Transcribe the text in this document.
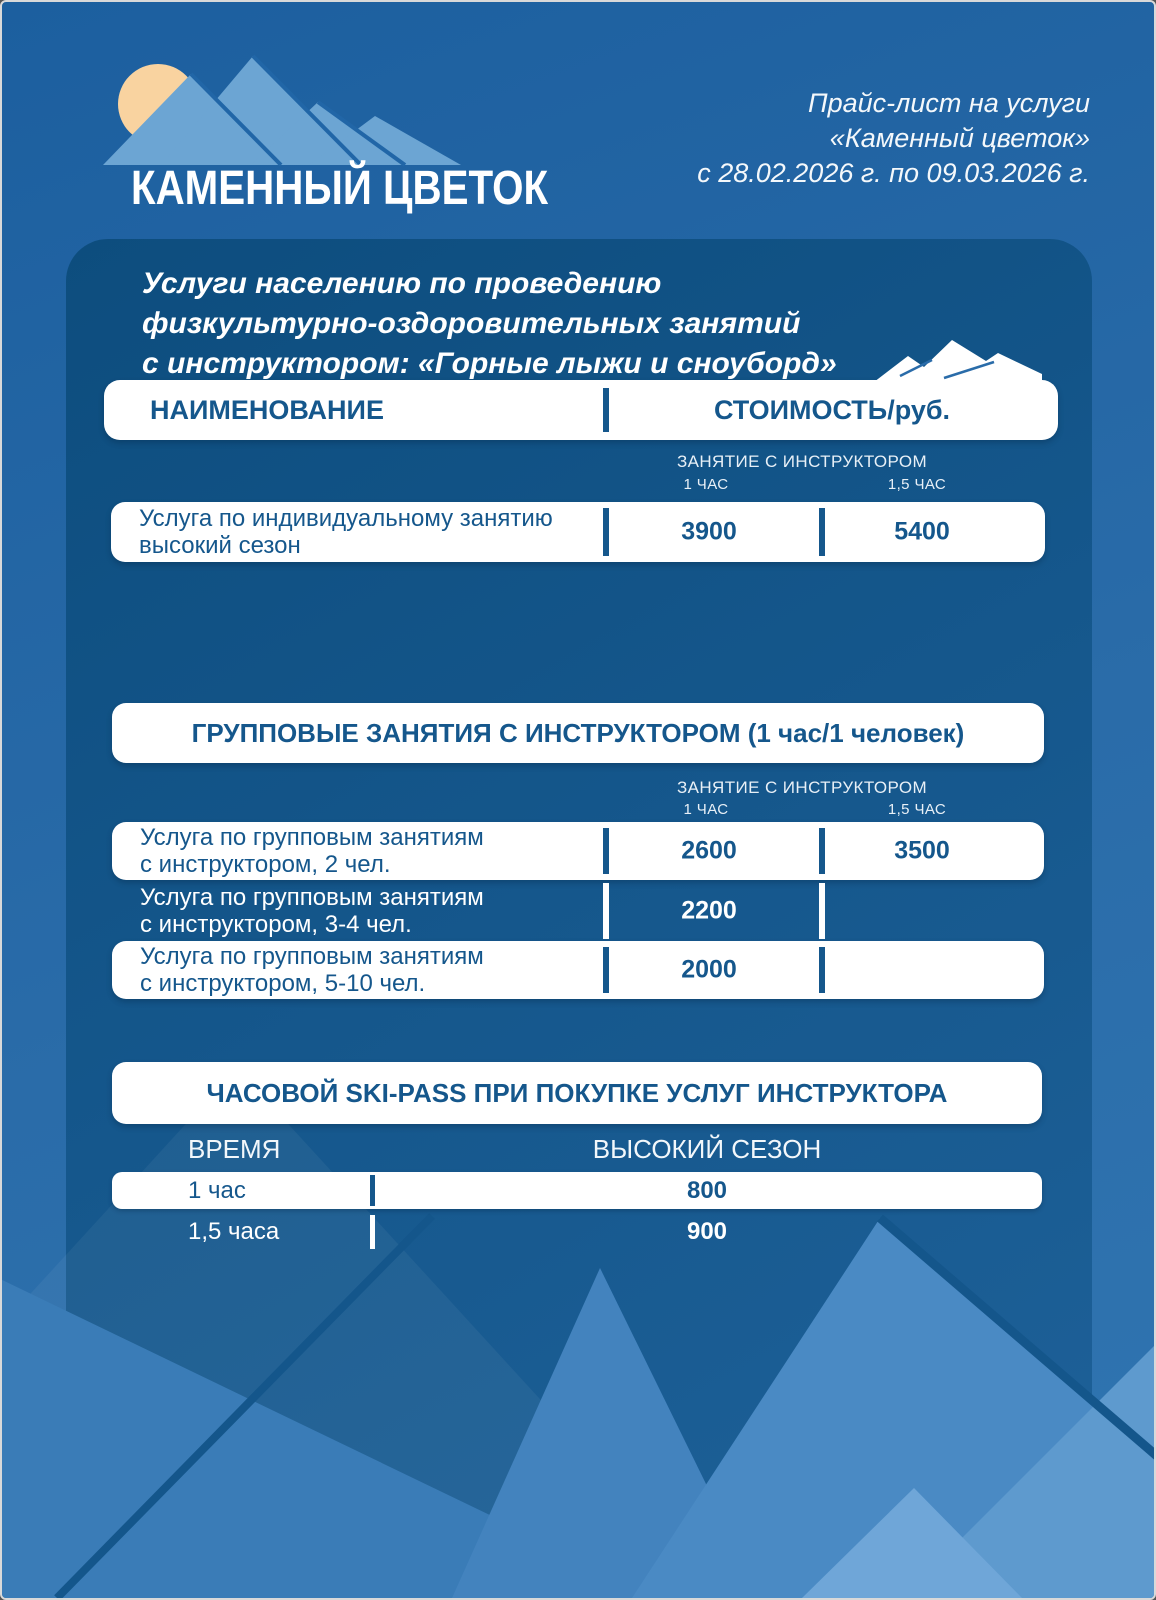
КАМЕННЫЙ ЦВЕТОК
Прайс-лист на услуги
«Каменный цветок»
с 28.02.2026 г. по 09.03.2026 г.
Услуги населению по проведению
физкультурно-оздоровительных занятий
с инструктором: «Горные лыжи и сноуборд»
НАИМЕНОВАНИЕ	СТОИМОСТЬ/руб.
ЗАНЯТИЕ С ИНСТРУКТОРОМ
1 ЧАС	1,5 ЧАС
Услуга по индивидуальному занятию
высокий сезон	3900	5400
ГРУППОВЫЕ ЗАНЯТИЯ С ИНСТРУКТОРОМ (1 час/1 человек)
ЗАНЯТИЕ С ИНСТРУКТОРОМ
1 ЧАС	1,5 ЧАС
Услуга по групповым занятиям
с инструктором, 2 чел.	2600	3500
Услуга по групповым занятиям
с инструктором, 3-4 чел.	2200
Услуга по групповым занятиям
с инструктором, 5-10 чел.	2000
ЧАСОВОЙ SKI-PASS ПРИ ПОКУПКЕ УСЛУГ ИНСТРУКТОРА
ВРЕМЯ	ВЫСОКИЙ СЕЗОН
1 час	800
1,5 часа	900
